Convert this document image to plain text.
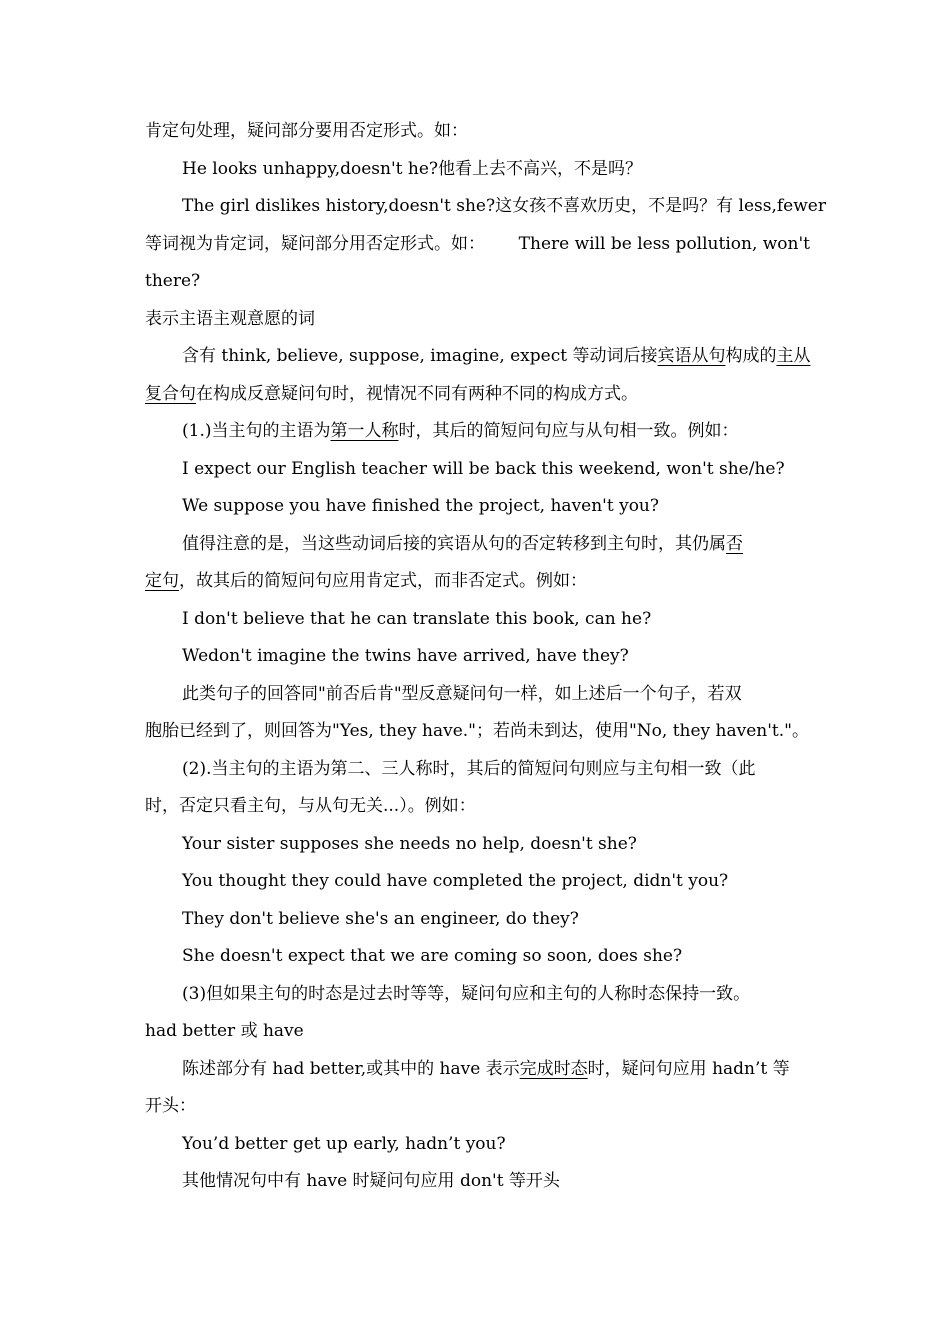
肯定句处理，疑问部分要用否定形式。如：
He looks unhappy,doesn't he?他看上去不高兴，不是吗？
The girl dislikes history,doesn't she?这女孩不喜欢历史，不是吗？有 less,fewer
等词视为肯定词，疑问部分用否定形式。如： There will be less pollution, won't
there?
表示主语主观意愿的词
含有 think, believe, suppose, imagine, expect 等动词后接宾语从句构成的主从
复合句在构成反意疑问句时，视情况不同有两种不同的构成方式。
(1.)当主句的主语为第一人称时，其后的简短问句应与从句相一致。例如：
I expect our English teacher will be back this weekend, won't she/he?
We suppose you have finished the project, haven't you?
值得注意的是，当这些动词后接的宾语从句的否定转移到主句时，其仍属否
定句，故其后的简短问句应用肯定式，而非否定式。例如：
I don't believe that he can translate this book, can he?
Wedon't imagine the twins have arrived, have they?
此类句子的回答同"前否后肯"型反意疑问句一样，如上述后一个句子，若双
胞胎已经到了，则回答为"Yes, they have."；若尚未到达，使用"No, they haven't."。
(2).当主句的主语为第二、三人称时，其后的简短问句则应与主句相一致（此
时，否定只看主句，与从句无关...）。例如：
Your sister supposes she needs no help, doesn't she?
You thought they could have completed the project, didn't you?
They don't believe she's an engineer, do they?
She doesn't expect that we are coming so soon, does she?
(3)但如果主句的时态是过去时等等，疑问句应和主句的人称时态保持一致。
had better 或 have
陈述部分有 had better,或其中的 have 表示完成时态时，疑问句应用 hadn’t 等
开头：
You’d better get up early, hadn’t you?
其他情况句中有 have 时疑问句应用 don't 等开头
